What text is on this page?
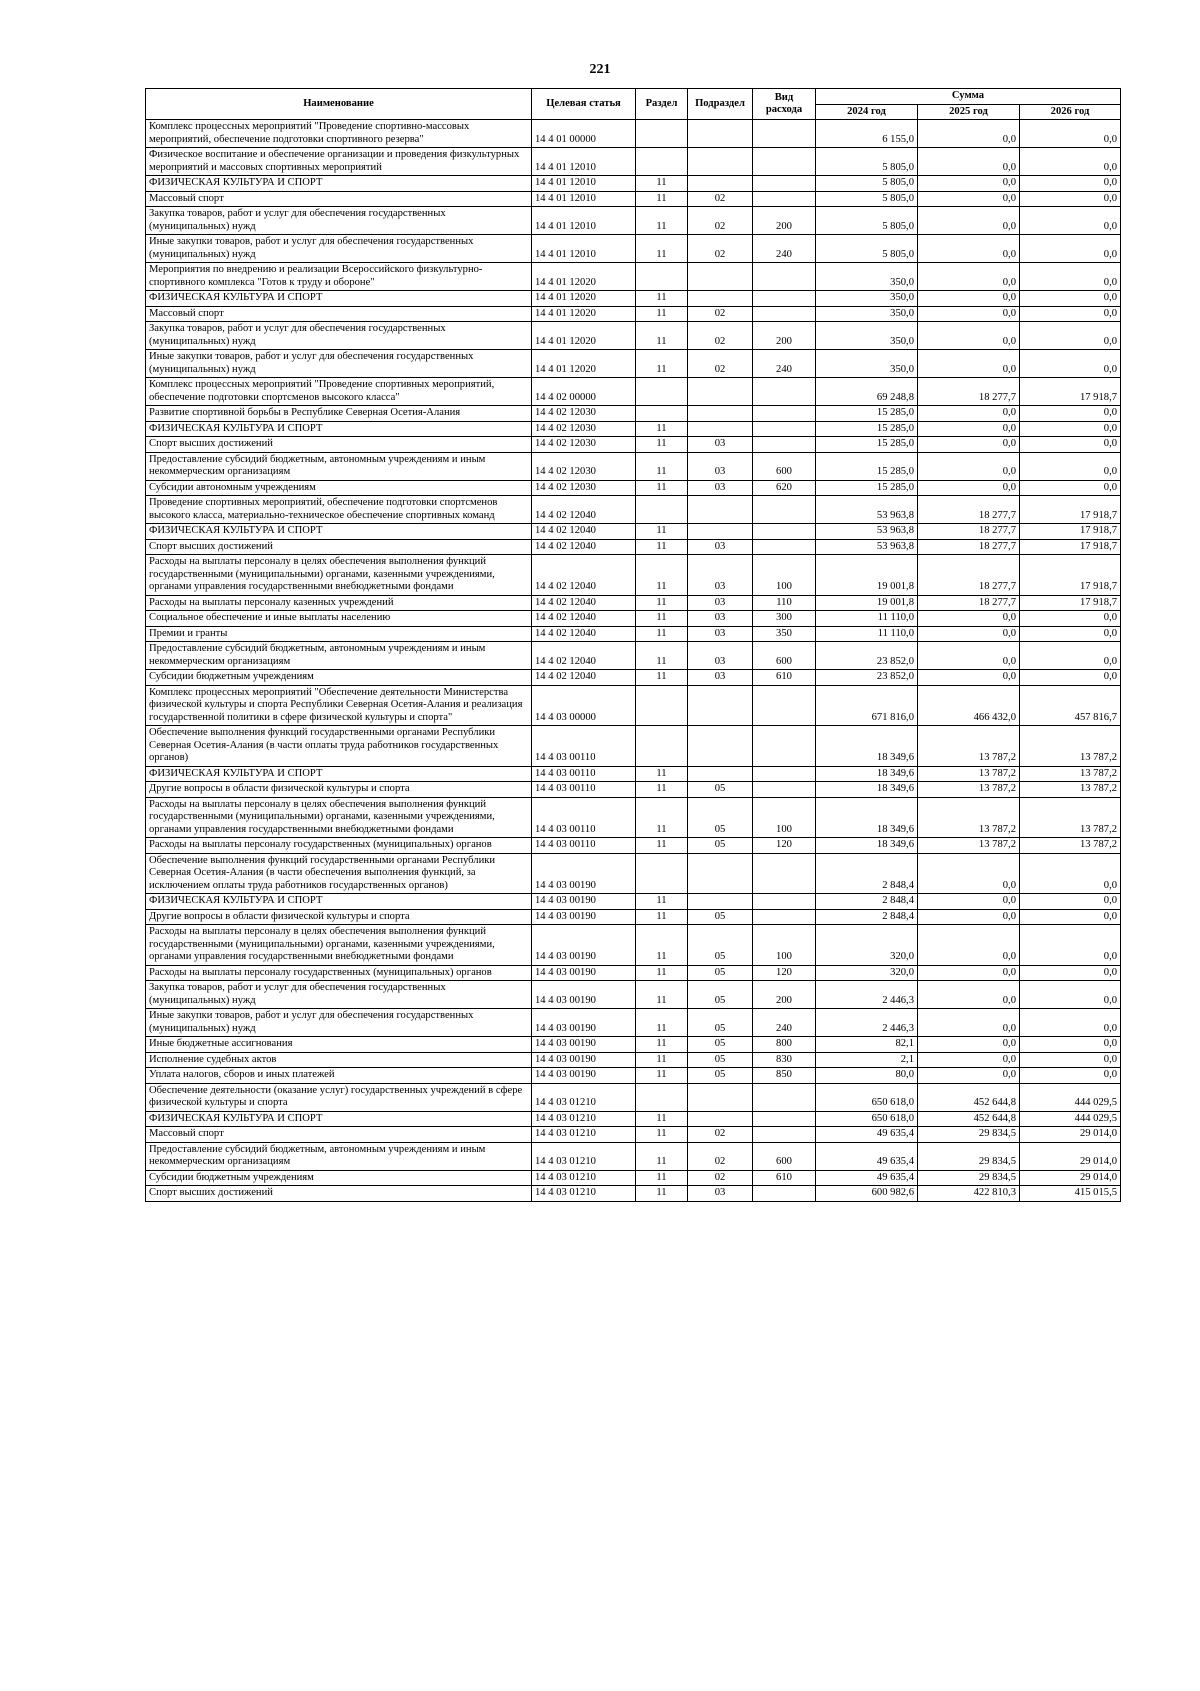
221
Наименование	Целевая статья	Раздел	Подраздел	Вид расхода	Сумма		
					2024 год	2025 год	2026 год
Комплекс процессных мероприятий "Проведение спортивно-массовых мероприятий, обеспечение подготовки спортивного резерва"	14 4 01 00000				6 155,0	0,0	0,0
Физическое воспитание и обеспечение организации и проведения физкультурных мероприятий и массовых спортивных мероприятий	14 4 01 12010				5 805,0	0,0	0,0
ФИЗИЧЕСКАЯ КУЛЬТУРА И СПОРТ	14 4 01 12010	11			5 805,0	0,0	0,0
Массовый спорт	14 4 01 12010	11	02		5 805,0	0,0	0,0
Закупка товаров, работ и услуг для обеспечения государственных (муниципальных) нужд	14 4 01 12010	11	02	200	5 805,0	0,0	0,0
Иные закупки товаров, работ и услуг для обеспечения государственных (муниципальных) нужд	14 4 01 12010	11	02	240	5 805,0	0,0	0,0
Мероприятия по внедрению и реализации Всероссийского физкультурно-спортивного комплекса "Готов к труду и обороне"	14 4 01 12020				350,0	0,0	0,0
ФИЗИЧЕСКАЯ КУЛЬТУРА И СПОРТ	14 4 01 12020	11			350,0	0,0	0,0
Массовый спорт	14 4 01 12020	11	02		350,0	0,0	0,0
Закупка товаров, работ и услуг для обеспечения государственных (муниципальных) нужд	14 4 01 12020	11	02	200	350,0	0,0	0,0
Иные закупки товаров, работ и услуг для обеспечения государственных (муниципальных) нужд	14 4 01 12020	11	02	240	350,0	0,0	0,0
Комплекс процессных мероприятий "Проведение спортивных мероприятий, обеспечение подготовки спортсменов высокого класса"	14 4 02 00000				69 248,8	18 277,7	17 918,7
Развитие спортивной борьбы в Республике Северная Осетия-Алания	14 4 02 12030				15 285,0	0,0	0,0
ФИЗИЧЕСКАЯ КУЛЬТУРА И СПОРТ	14 4 02 12030	11			15 285,0	0,0	0,0
Спорт высших достижений	14 4 02 12030	11	03		15 285,0	0,0	0,0
Предоставление субсидий бюджетным, автономным учреждениям и иным некоммерческим организациям	14 4 02 12030	11	03	600	15 285,0	0,0	0,0
Субсидии автономным учреждениям	14 4 02 12030	11	03	620	15 285,0	0,0	0,0
Проведение спортивных мероприятий, обеспечение подготовки спортсменов высокого класса, материально-техническое обеспечение спортивных команд	14 4 02 12040				53 963,8	18 277,7	17 918,7
ФИЗИЧЕСКАЯ КУЛЬТУРА И СПОРТ	14 4 02 12040	11			53 963,8	18 277,7	17 918,7
Спорт высших достижений	14 4 02 12040	11	03		53 963,8	18 277,7	17 918,7
Расходы на выплаты персоналу в целях обеспечения выполнения функций государственными (муниципальными) органами, казенными учреждениями, органами управления государственными внебюджетными фондами	14 4 02 12040	11	03	100	19 001,8	18 277,7	17 918,7
Расходы на выплаты персоналу казенных учреждений	14 4 02 12040	11	03	110	19 001,8	18 277,7	17 918,7
Социальное обеспечение и иные выплаты населению	14 4 02 12040	11	03	300	11 110,0	0,0	0,0
Премии и гранты	14 4 02 12040	11	03	350	11 110,0	0,0	0,0
Предоставление субсидий бюджетным, автономным учреждениям и иным некоммерческим организациям	14 4 02 12040	11	03	600	23 852,0	0,0	0,0
Субсидии бюджетным учреждениям	14 4 02 12040	11	03	610	23 852,0	0,0	0,0
Комплекс процессных мероприятий "Обеспечение деятельности Министерства физической культуры и спорта Республики Северная Осетия-Алания и реализация государственной политики в сфере физической культуры и спорта"	14 4 03 00000				671 816,0	466 432,0	457 816,7
Обеспечение выполнения функций государственными органами Республики Северная Осетия-Алания (в части оплаты труда работников государственных органов)	14 4 03 00110				18 349,6	13 787,2	13 787,2
ФИЗИЧЕСКАЯ КУЛЬТУРА И СПОРТ	14 4 03 00110	11			18 349,6	13 787,2	13 787,2
Другие вопросы в области физической культуры и спорта	14 4 03 00110	11	05		18 349,6	13 787,2	13 787,2
Расходы на выплаты персоналу в целях обеспечения выполнения функций государственными (муниципальными) органами, казенными учреждениями, органами управления государственными внебюджетными фондами	14 4 03 00110	11	05	100	18 349,6	13 787,2	13 787,2
Расходы на выплаты персоналу государственных (муниципальных) органов	14 4 03 00110	11	05	120	18 349,6	13 787,2	13 787,2
Обеспечение выполнения функций государственными органами Республики Северная Осетия-Алания (в части обеспечения выполнения функций, за исключением оплаты труда работников государственных органов)	14 4 03 00190				2 848,4	0,0	0,0
ФИЗИЧЕСКАЯ КУЛЬТУРА И СПОРТ	14 4 03 00190	11			2 848,4	0,0	0,0
Другие вопросы в области физической культуры и спорта	14 4 03 00190	11	05		2 848,4	0,0	0,0
Расходы на выплаты персоналу в целях обеспечения выполнения функций государственными (муниципальными) органами, казенными учреждениями, органами управления государственными внебюджетными фондами	14 4 03 00190	11	05	100	320,0	0,0	0,0
Расходы на выплаты персоналу государственных (муниципальных) органов	14 4 03 00190	11	05	120	320,0	0,0	0,0
Закупка товаров, работ и услуг для обеспечения государственных (муниципальных) нужд	14 4 03 00190	11	05	200	2 446,3	0,0	0,0
Иные закупки товаров, работ и услуг для обеспечения государственных (муниципальных) нужд	14 4 03 00190	11	05	240	2 446,3	0,0	0,0
Иные бюджетные ассигнования	14 4 03 00190	11	05	800	82,1	0,0	0,0
Исполнение судебных актов	14 4 03 00190	11	05	830	2,1	0,0	0,0
Уплата налогов, сборов и иных платежей	14 4 03 00190	11	05	850	80,0	0,0	0,0
Обеспечение деятельности (оказание услуг) государственных учреждений в сфере физической культуры и спорта	14 4 03 01210				650 618,0	452 644,8	444 029,5
ФИЗИЧЕСКАЯ КУЛЬТУРА И СПОРТ	14 4 03 01210	11			650 618,0	452 644,8	444 029,5
Массовый спорт	14 4 03 01210	11	02		49 635,4	29 834,5	29 014,0
Предоставление субсидий бюджетным, автономным учреждениям и иным некоммерческим организациям	14 4 03 01210	11	02	600	49 635,4	29 834,5	29 014,0
Субсидии бюджетным учреждениям	14 4 03 01210	11	02	610	49 635,4	29 834,5	29 014,0
Спорт высших достижений	14 4 03 01210	11	03		600 982,6	422 810,3	415 015,5
